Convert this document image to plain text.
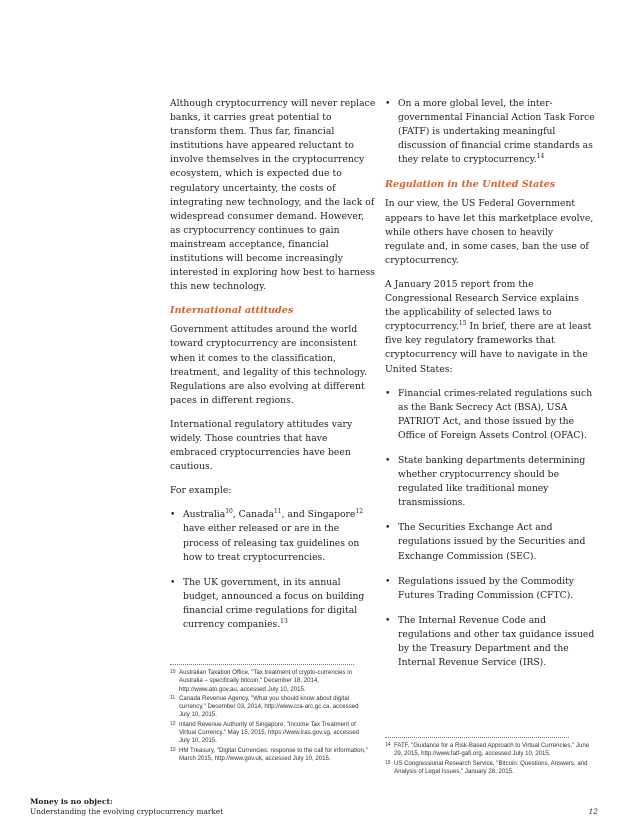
Although cryptocurrency will never replace banks, it carries great potential to transform them. Thus far, financial institutions have appeared reluctant to involve themselves in the cryptocurrency ecosystem, which is expected due to regulatory uncertainty, the costs of integrating new technology, and the lack of widespread consumer demand. However, as cryptocurrency continues to gain mainstream acceptance, financial institutions will become increasingly interested in exploring how best to harness this new technology.

International attitudes

Government attitudes around the world toward cryptocurrency are inconsistent when it comes to the classification, treatment, and legality of this technology. Regulations are also evolving at different paces in different regions.

International regulatory attitudes vary widely. Those countries that have embraced cryptocurrencies have been cautious.

For example:

• Australia$^{10}$, Canada$^{11}$, and Singapore$^{12}$ have either released or are in the process of releasing tax guidelines on how to treat cryptocurrencies.
• The UK government, in its annual budget, announced a focus on building financial crime regulations for digital currency companies.$^{13}$
• On a more global level, the inter-governmental Financial Action Task Force (FATF) is undertaking meaningful discussion of financial crime standards as they relate to cryptocurrency.$^{14}$
Regulation in the United States

In our view, the US Federal Government appears to have let this marketplace evolve, while others have chosen to heavily regulate and, in some cases, ban the use of cryptocurrency.

A January 2015 report from the Congressional Research Service explains the applicability of selected laws to cryptocurrency.$^{15}$ In brief, there are at least five key regulatory frameworks that cryptocurrency will have to navigate in the United States:

• Financial crimes-related regulations such as the Bank Secrecy Act (BSA), USA PATRIOT Act, and those issued by the Office of Foreign Assets Control (OFAC).
• State banking departments determining whether cryptocurrency should be regulated like traditional money transmissions.
• The Securities Exchange Act and regulations issued by the Securities and Exchange Commission (SEC).
• Regulations issued by the Commodity Futures Trading Commission (CFTC).
• The Internal Revenue Code and regulations and other tax guidance issued by the Treasury Department and the Internal Revenue Service (IRS).
10 Australian Taxation Office, "Tax treatment of crypto-currencies in Australia – specifically bitcoin," December 18, 2014, http://www.ato.gov.au, accessed July 10, 2015.
11 Canada Revenue Agency, "What you should know about digital currency," December 03, 2014, http://www.cra-arc.gc.ca, accessed July 10, 2015.
12 Inland Revenue Authority of Singapore, "Income Tax Treatment of Virtual Currency," May 15, 2015, https://www.iras.gov.sg, accessed July 10, 2015.
13 HM Treasury, "Digital Currencies: response to the call for information," March 2015, http://www.gov.uk, accessed July 10, 2015.
14 FATF, "Guidance for a Risk-Based Approach to Virtual Currencies," June 29, 2015, http://www.fatf-gafi.org, accessed July 10, 2015.
15 US Congressional Research Service, "Bitcoin: Questions, Answers, and Analysis of Legal Issues," January 28, 2015.
Money is no object:
Understanding the evolving cryptocurrency market	12
